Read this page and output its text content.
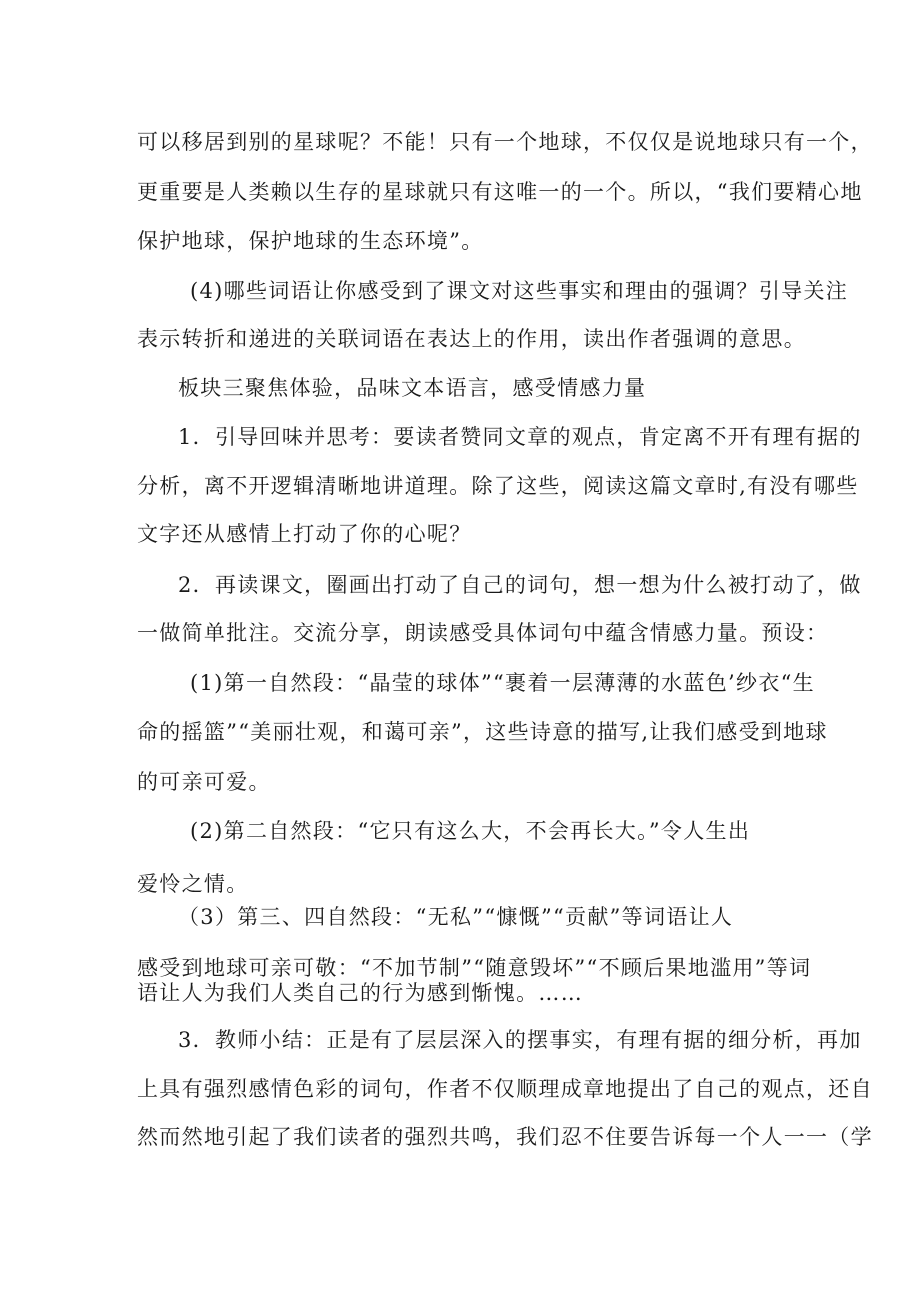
可以移居到别的星球呢？不能！只有一个地球，不仅仅是说地球只有一个，
更重要是人类赖以生存的星球就只有这唯一的一个。所以，“我们要精心地
保护地球，保护地球的生态环境”。
(4)哪些词语让你感受到了课文对这些事实和理由的强调？引导关注
表示转折和递进的关联词语在表达上的作用，读出作者强调的意思。
板块三聚焦体验，品味文本语言，感受情感力量
1．引导回味并思考：要读者赞同文章的观点，肯定离不开有理有据的
分析，离不开逻辑清晰地讲道理。除了这些，阅读这篇文章时,有没有哪些
文字还从感情上打动了你的心呢？
2．再读课文，圈画出打动了自己的词句，想一想为什么被打动了，做
一做简单批注。交流分享，朗读感受具体词句中蕴含情感力量。预设：
(1)第一自然段：“晶莹的球体”“裹着一层薄薄的水蓝色’纱衣“生
命的摇篮”“美丽壮观，和蔼可亲”，这些诗意的描写,让我们感受到地球
的可亲可爱。
(2)第二自然段：“它只有这么大，不会再长大。”令人生出
爱怜之情。
（3）第三、四自然段：“无私”“慷慨”“贡献”等词语让人
感受到地球可亲可敬：“不加节制”“随意毁坏”“不顾后果地滥用”等词
语让人为我们人类自己的行为感到惭愧。……
3．教师小结：正是有了层层深入的摆事实，有理有据的细分析，再加
上具有强烈感情色彩的词句，作者不仅顺理成章地提出了自己的观点，还自
然而然地引起了我们读者的强烈共鸣，我们忍不住要告诉每一个人一一（学
